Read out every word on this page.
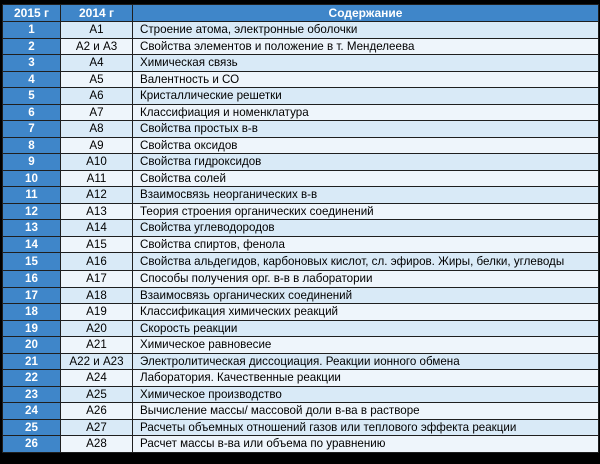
2015 г	2014 г	Содержание
1	А1	Строение атома, электронные оболочки
2	А2 и А3	Свойства элементов и положение в т. Менделеева
3	А4	Химическая связь
4	А5	Валентность и СО
5	А6	Кристаллические решетки
6	А7	Классифиация и номенклатура
7	А8	Свойства простых в-в
8	А9	Свойства оксидов
9	А10	Свойства гидроксидов
10	А11	Свойства солей
11	А12	Взаимосвязь неорганических в-в
12	А13	Теория строения органических соединений
13	А14	Свойства углеводородов
14	А15	Свойства спиртов, фенола
15	А16	Свойства альдегидов, карбоновых кислот, сл. эфиров. Жиры, белки, углеводы
16	А17	Способы получения орг. в-в в лаборатории
17	А18	Взаимосвязь органических соединений
18	А19	Классификация химических реакций
19	А20	Скорость реакции
20	А21	Химическое равновесие
21	А22 и А23	Электролитическая диссоциация. Реакции ионного обмена
22	А24	Лаборатория. Качественные реакции
23	А25	Химическое производство
24	А26	Вычисление массы/ массовой доли в-ва в растворе
25	А27	Расчеты объемных отношений газов или теплового эффекта реакции
26	А28	Расчет массы в-ва или объема по уравнению
